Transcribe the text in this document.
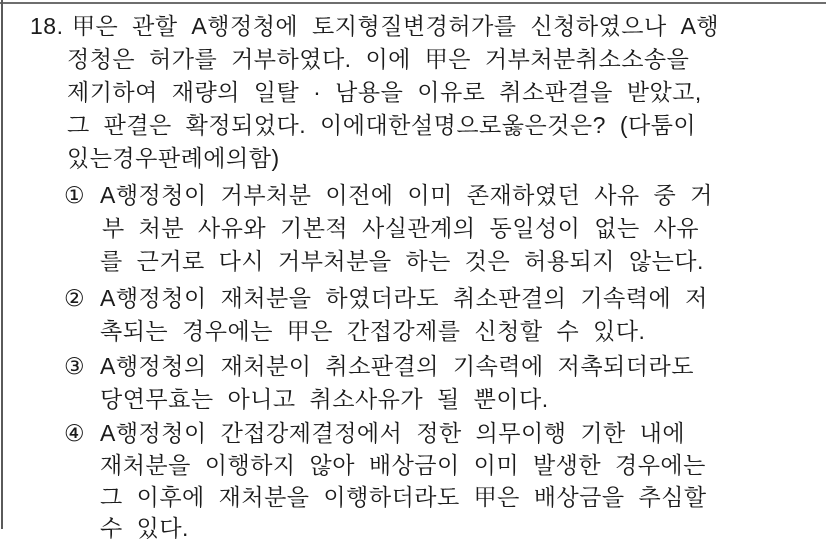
18. 甲은 관할 A행정청에 토지형질변경허가를 신청하였으나 A행
정청은 허가를 거부하였다. 이에 甲은 거부처분취소소송을
제기하여 재량의 일탈 · 남용을 이유로 취소판결을 받았고,
그 판결은 확정되었다. 이에대한설명으로옳은것은? (다툼이
있는경우판례에의함)
① A행정청이 거부처분 이전에 이미 존재하였던 사유 중 거
부 처분 사유와 기본적 사실관계의 동일성이 없는 사유
를 근거로 다시 거부처분을 하는 것은 허용되지 않는다.
② A행정청이 재처분을 하였더라도 취소판결의 기속력에 저
촉되는 경우에는 甲은 간접강제를 신청할 수 있다.
③ A행정청의 재처분이 취소판결의 기속력에 저촉되더라도
당연무효는 아니고 취소사유가 될 뿐이다.
④ A행정청이 간접강제결정에서 정한 의무이행 기한 내에
재처분을 이행하지 않아 배상금이 이미 발생한 경우에는
그 이후에 재처분을 이행하더라도 甲은 배상금을 추심할
수 있다.
